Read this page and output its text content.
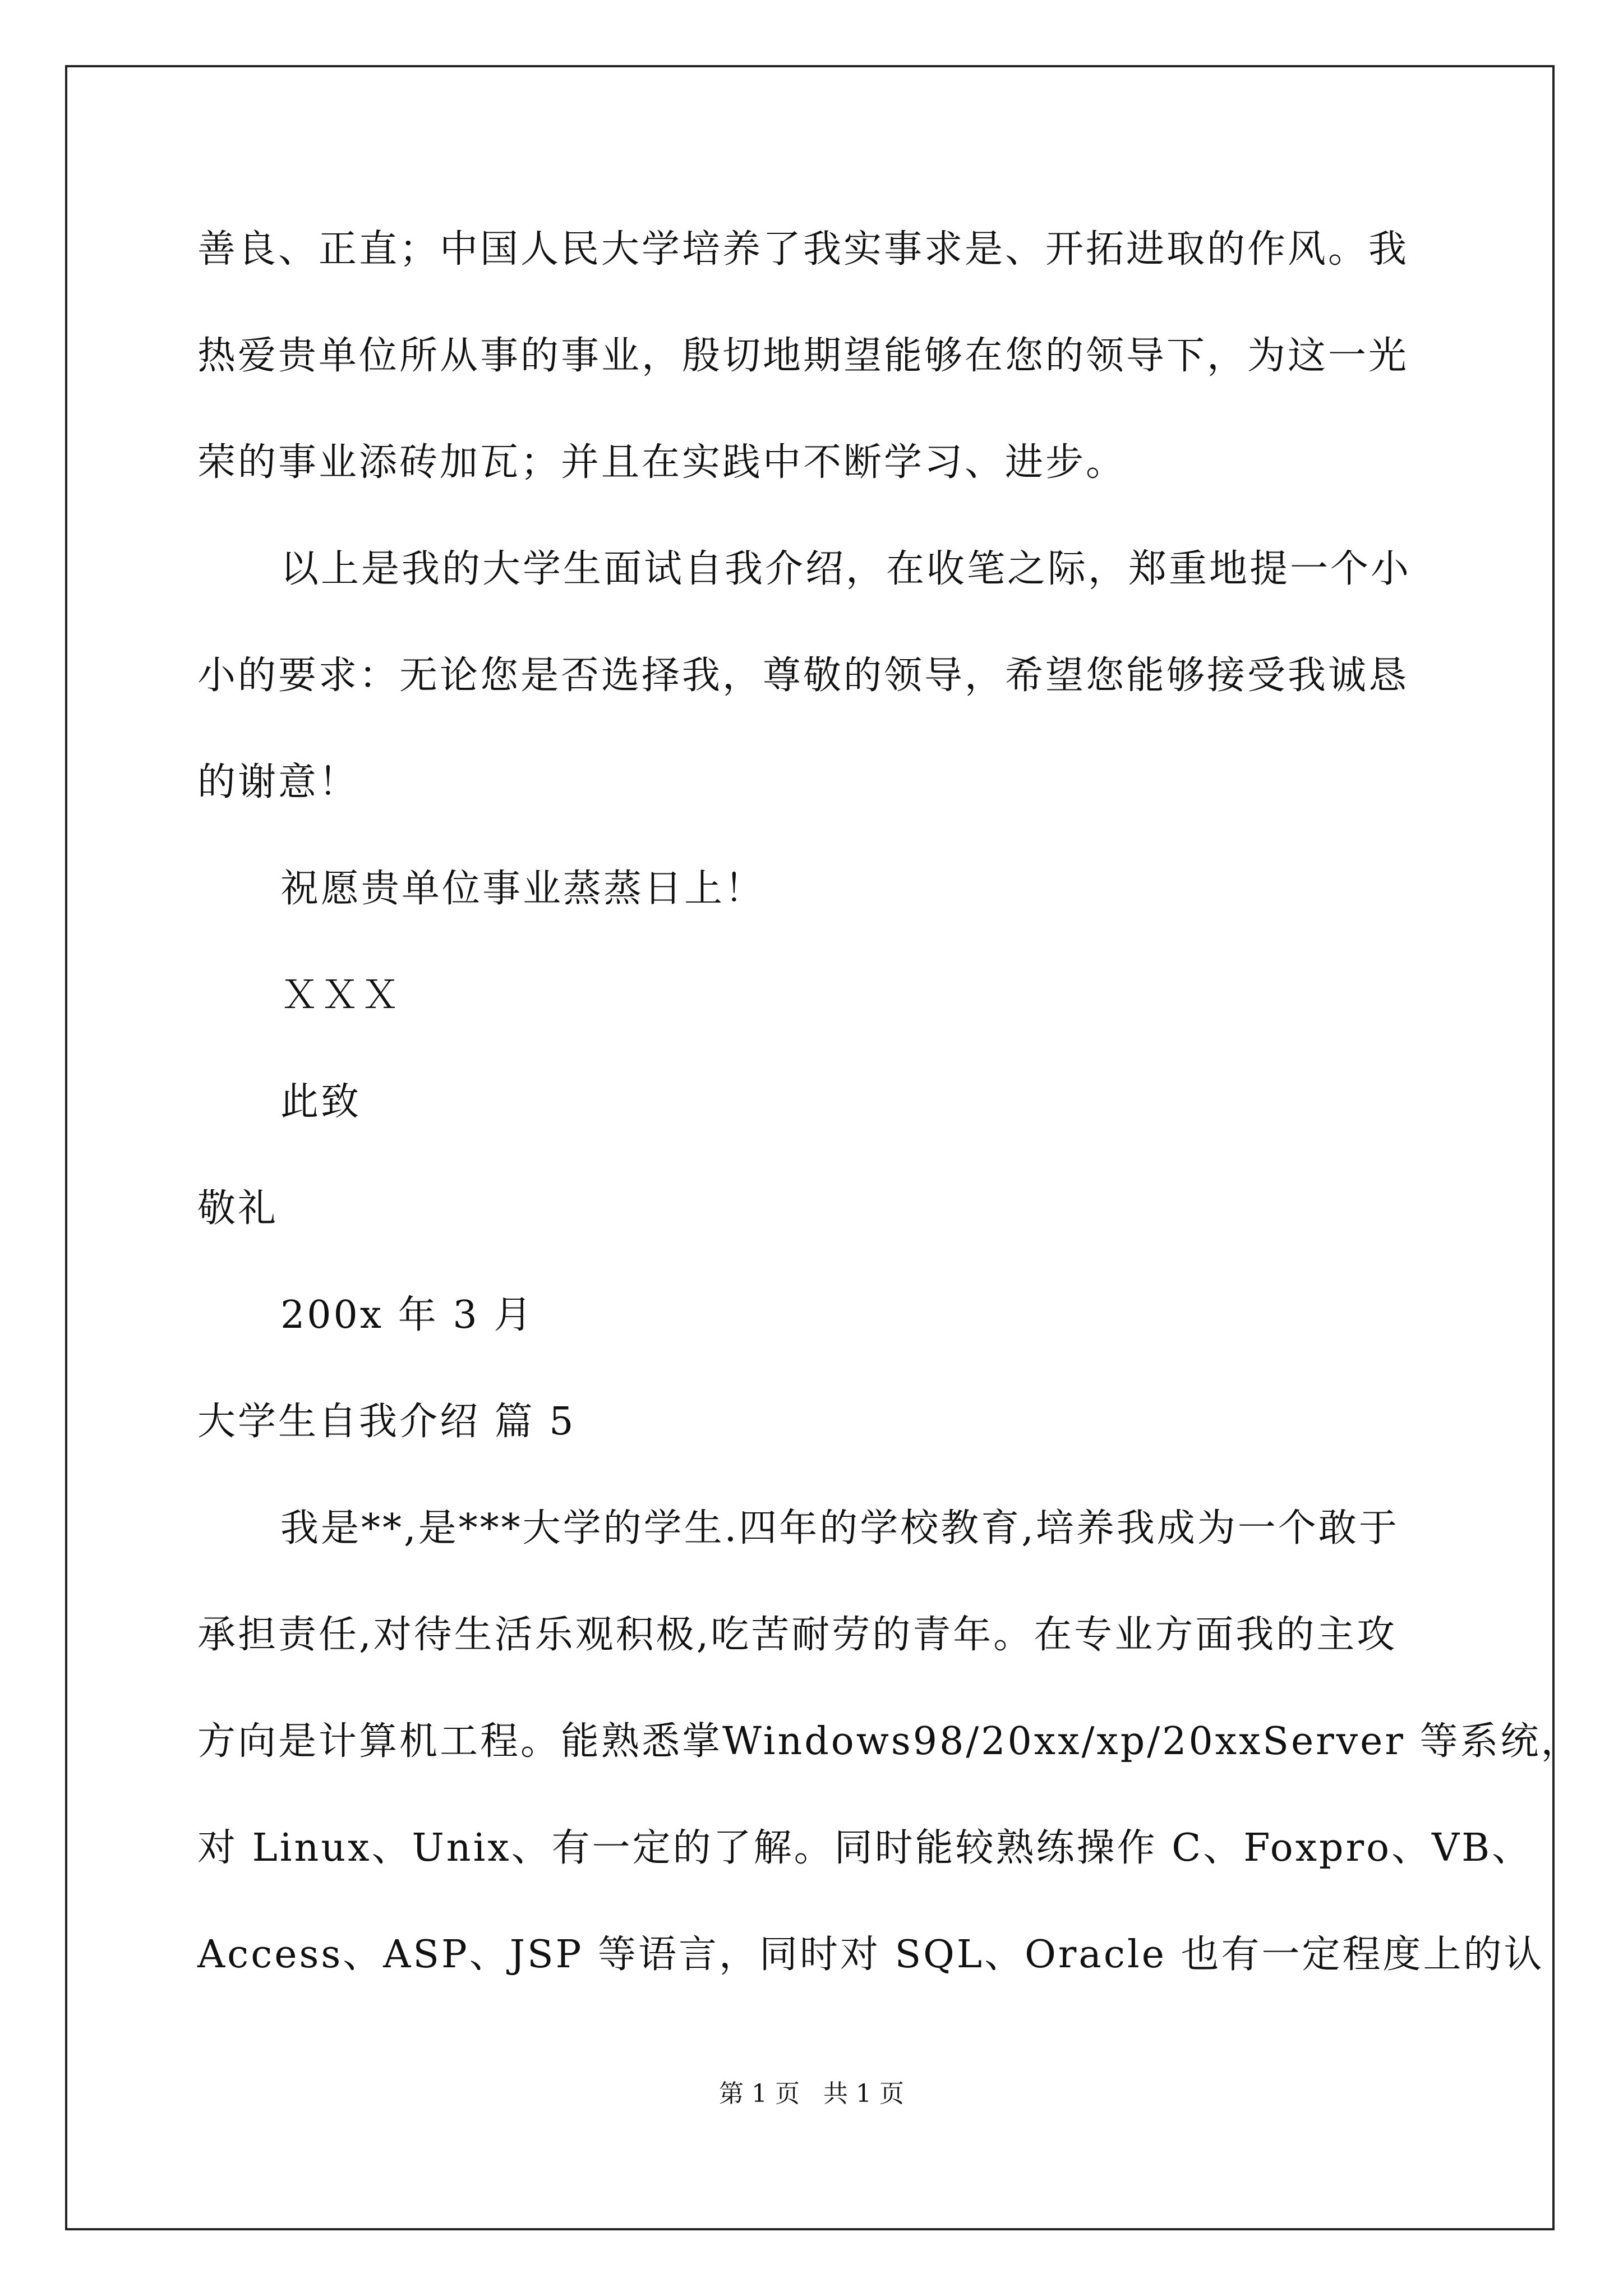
善良、正直；中国人民大学培养了我实事求是、开拓进取的作风。我
热爱贵单位所从事的事业，殷切地期望能够在您的领导下，为这一光
荣的事业添砖加瓦；并且在实践中不断学习、进步。
以上是我的大学生面试自我介绍，在收笔之际，郑重地提一个小
小的要求：无论您是否选择我，尊敬的领导，希望您能够接受我诚恳
的谢意！
祝愿贵单位事业蒸蒸日上！
ＸＸＸ
此致
敬礼
200x 年 3 月
大学生自我介绍 篇 5
我是**,是***大学的学生.四年的学校教育,培养我成为一个敢于
承担责任,对待生活乐观积极,吃苦耐劳的青年。在专业方面我的主攻
方向是计算机工程。能熟悉掌Windows98/20xx/xp/20xxServer 等系统，
对 Linux、Unix、有一定的了解。同时能较熟练操作 C、Foxpro、VB、
Access、ASP、JSP 等语言，同时对 SQL、Oracle 也有一定程度上的认
第 1 页   共 1 页
